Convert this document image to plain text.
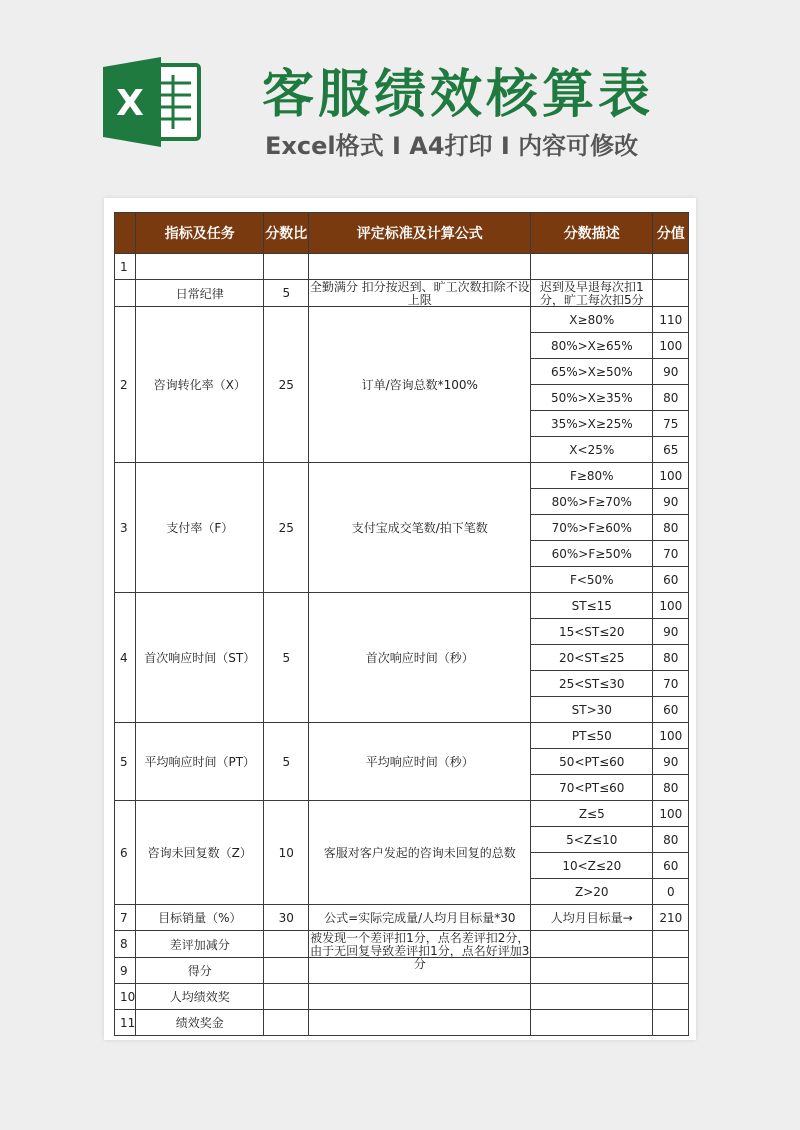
X 客服绩效核算表
Excel格式 I A4打印 I 内容可修改
	指标及任务	分数比	评定标准及计算公式	分数描述	分值
1					
	日常纪律	5	全勤满分 扣分按迟到、旷工次数扣除不设上限	迟到及早退每次扣1分，旷工每次扣5分	

2	咨询转化率（X）	25	订单/咨询总数*100%	X≥80%	110
				80%>X≥65%	100
				65%>X≥50%	90
				50%>X≥35%	80
				35%>X≥25%	75
				X<25%	65
3	支付率（F）	25	支付宝成交笔数/拍下笔数	F≥80%	100
				80%>F≥70%	90
				70%>F≥60%	80
				60%>F≥50%	70
				F<50%	60
4	首次响应时间（ST）	5	首次响应时间（秒）	ST≤15	100
				15<ST≤20	90
				20<ST≤25	80
				25<ST≤30	70
				ST>30	60
5	平均响应时间（PT）	5	平均响应时间（秒）	PT≤50	100
				50<PT≤60	90
				70<PT≤60	80
6	咨询未回复数（Z）	10	客服对客户发起的咨询未回复的总数	Z≤5	100
				5<Z≤10	80
				10<Z≤20	60
				Z>20	0
7	目标销量（%）	30	公式=实际完成量/人均月目标量*30	人均月目标量→	210
8	差评加减分		被发现一个差评扣1分，点名差评扣2分，由于无回复导致差评扣1分，点名好评加3分		

9	得分				
10	人均绩效奖				
11	绩效奖金				
